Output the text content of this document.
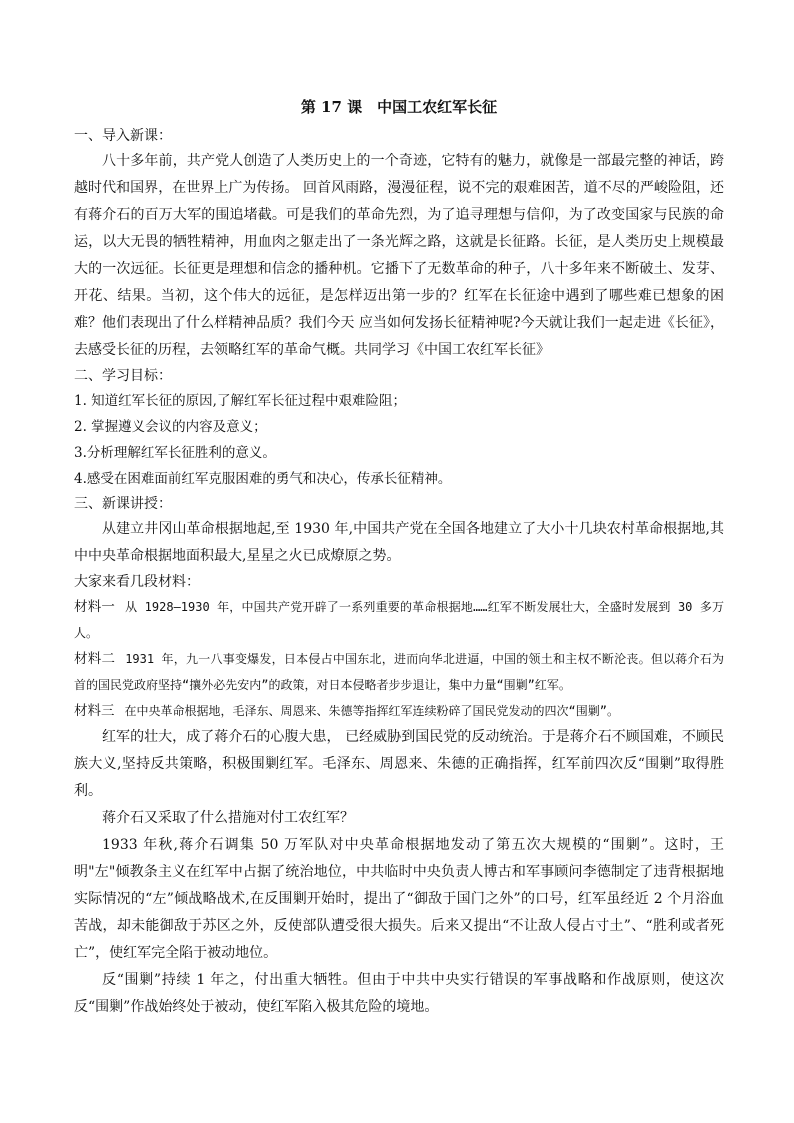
第 17 课　中国工农红军长征
一、导入新课：
八十多年前，共产党人创造了人类历史上的一个奇迹，它特有的魅力，就像是一部最完整的神话，跨越时代和国界，在世界上广为传扬。 回首风雨路，漫漫征程，说不完的艰难困苦，道不尽的严峻险阻，还有蒋介石的百万大军的围追堵截。可是我们的革命先烈，为了追寻理想与信仰，为了改变国家与民族的命运，以大无畏的牺牲精神，用血肉之躯走出了一条光辉之路，这就是长征路。长征，是人类历史上规模最大的一次远征。长征更是理想和信念的播种机。它播下了无数革命的种子，八十多年来不断破土、发芽、开花、结果。当初，这个伟大的远征，是怎样迈出第一步的？红军在长征途中遇到了哪些难已想象的困难？他们表现出了什么样精神品质？我们今天 应当如何发扬长征精神呢?今天就让我们一起走进《长征》，去感受长征的历程，去领略红军的革命气概。共同学习《中国工农红军长征》
二、学习目标：
1. 知道红军长征的原因,了解红军长征过程中艰难险阻；
2. 掌握遵义会议的内容及意义；
3.分析理解红军长征胜利的意义。
4.感受在困难面前红军克服困难的勇气和决心，传承长征精神。
三、新课讲授：
从建立井冈山革命根据地起,至 1930 年,中国共产党在全国各地建立了大小十几块农村革命根据地,其中中央革命根据地面积最大,星星之火已成燎原之势。
大家来看几段材料：
材料一 从 1928—1930 年，中国共产党开辟了一系列重要的革命根据地……红军不断发展壮大，全盛时发展到 30 多万人。
材料二 1931 年，九一八事变爆发，日本侵占中国东北，进而向华北进逼，中国的领土和主权不断沦丧。但以蒋介石为首的国民党政府坚持“攘外必先安内”的政策，对日本侵略者步步退让，集中力量“围剿”红军。
材料三 在中央革命根据地，毛泽东、周恩来、朱德等指挥红军连续粉碎了国民党发动的四次“围剿”。
红军的壮大，成了蒋介石的心腹大患， 已经威胁到国民党的反动统治。于是蒋介石不顾国难，不顾民族大义,坚持反共策略，积极围剿红军。毛泽东、周恩来、朱德的正确指挥，红军前四次反“围剿”取得胜利。
蒋介石又采取了什么措施对付工农红军？
1933 年秋,蒋介石调集 50 万军队对中央革命根据地发动了第五次大规模的“围剿”。这时，王明"左"倾教条主义在红军中占据了统治地位，中共临时中央负责人博古和军事顾问李德制定了违背根据地实际情况的“左”倾战略战术,在反围剿开始时，提出了“御敌于国门之外”的口号，红军虽经近 2 个月浴血苦战，却未能御敌于苏区之外，反使部队遭受很大损失。后来又提出“不让敌人侵占寸土”、“胜利或者死亡”，使红军完全陷于被动地位。
反“围剿”持续 1 年之，付出重大牺牲。但由于中共中央实行错误的军事战略和作战原则，使这次反“围剿”作战始终处于被动，使红军陷入极其危险的境地。
